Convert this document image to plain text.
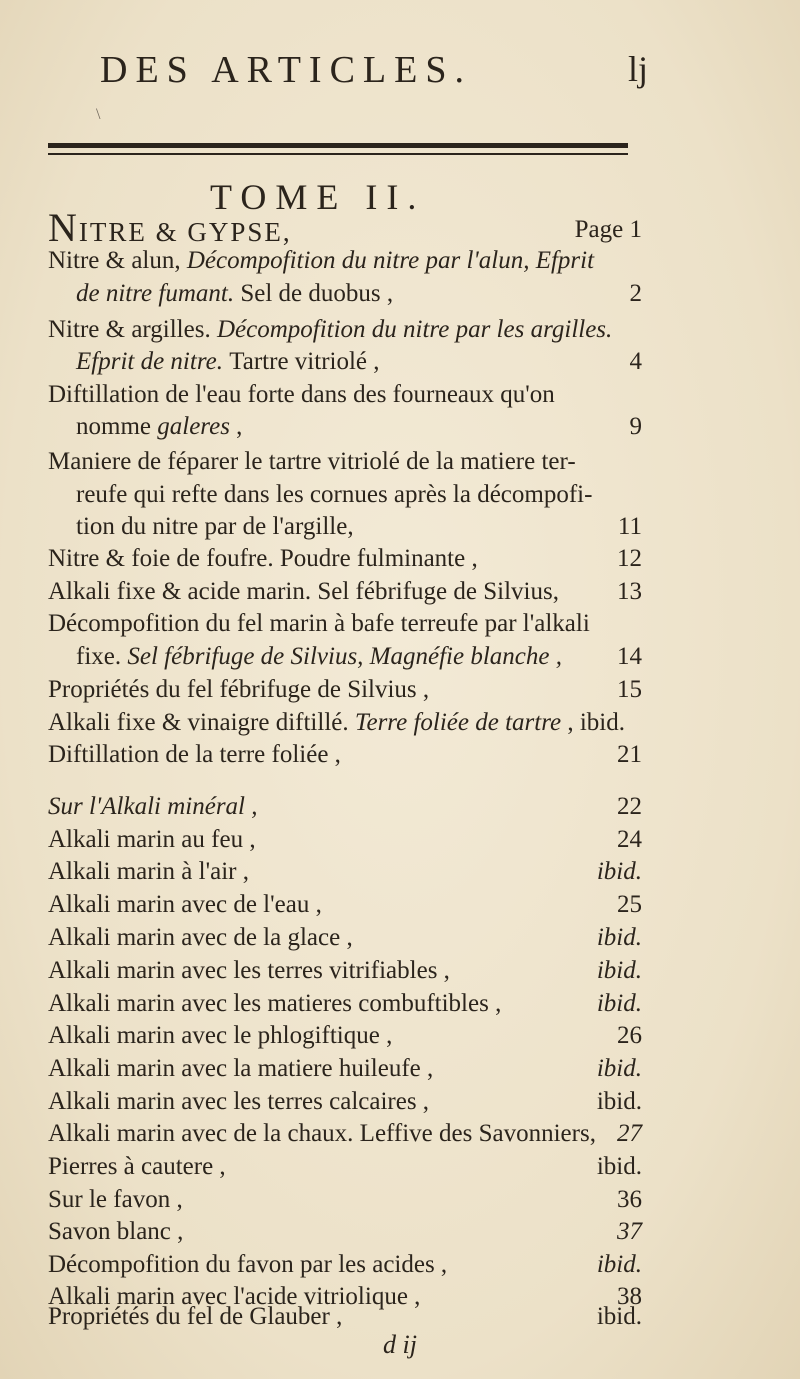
DES ARTICLES.	lj
\
TOME II.
NITRE & GYPSE,	Page 1
Nitre & alun, Décompofition du nitre par l'alun, Efprit
de nitre fumant. Sel de duobus ,	2
Nitre & argilles. Décompofition du nitre par les argilles.
Efprit de nitre. Tartre vitriolé ,	4
Diftillation de l'eau forte dans des fourneaux qu'on
nomme galeres ,	9
Maniere de féparer le tartre vitriolé de la matiere ter-
reufe qui refte dans les cornues après la décompofi-
tion du nitre par de l'argille,	11
Nitre & foie de foufre. Poudre fulminante ,	12
Alkali fixe & acide marin. Sel fébrifuge de Silvius, 13
Décompofition du fel marin à bafe terreufe par l'alkali
fixe. Sel fébrifuge de Silvius, Magnéfie blanche , 14
Propriétés du fel fébrifuge de Silvius ,	15
Alkali fixe & vinaigre diftillé. Terre foliée de tartre , ibid.
Diftillation de la terre foliée ,	21
Sur l'Alkali minéral ,	22
Alkali marin au feu ,	24
Alkali marin à l'air ,	ibid.
Alkali marin avec de l'eau ,	25
Alkali marin avec de la glace ,	ibid.
Alkali marin avec les terres vitrifiables ,	ibid.
Alkali marin avec les matieres combuftibles ,	ibid.
Alkali marin avec le phlogiftique ,	26
Alkali marin avec la matiere huileufe ,	ibid.
Alkali marin avec les terres calcaires ,	ibid.
Alkali marin avec de la chaux. Leffive des Savonniers, 27
Pierres à cautere ,	ibid.
Sur le favon ,	36
Savon blanc ,	37
Décompofition du favon par les acides ,	ibid.
Alkali marin avec l'acide vitriolique ,	38
Propriétés du fel de Glauber ,	ibid.
d ij
